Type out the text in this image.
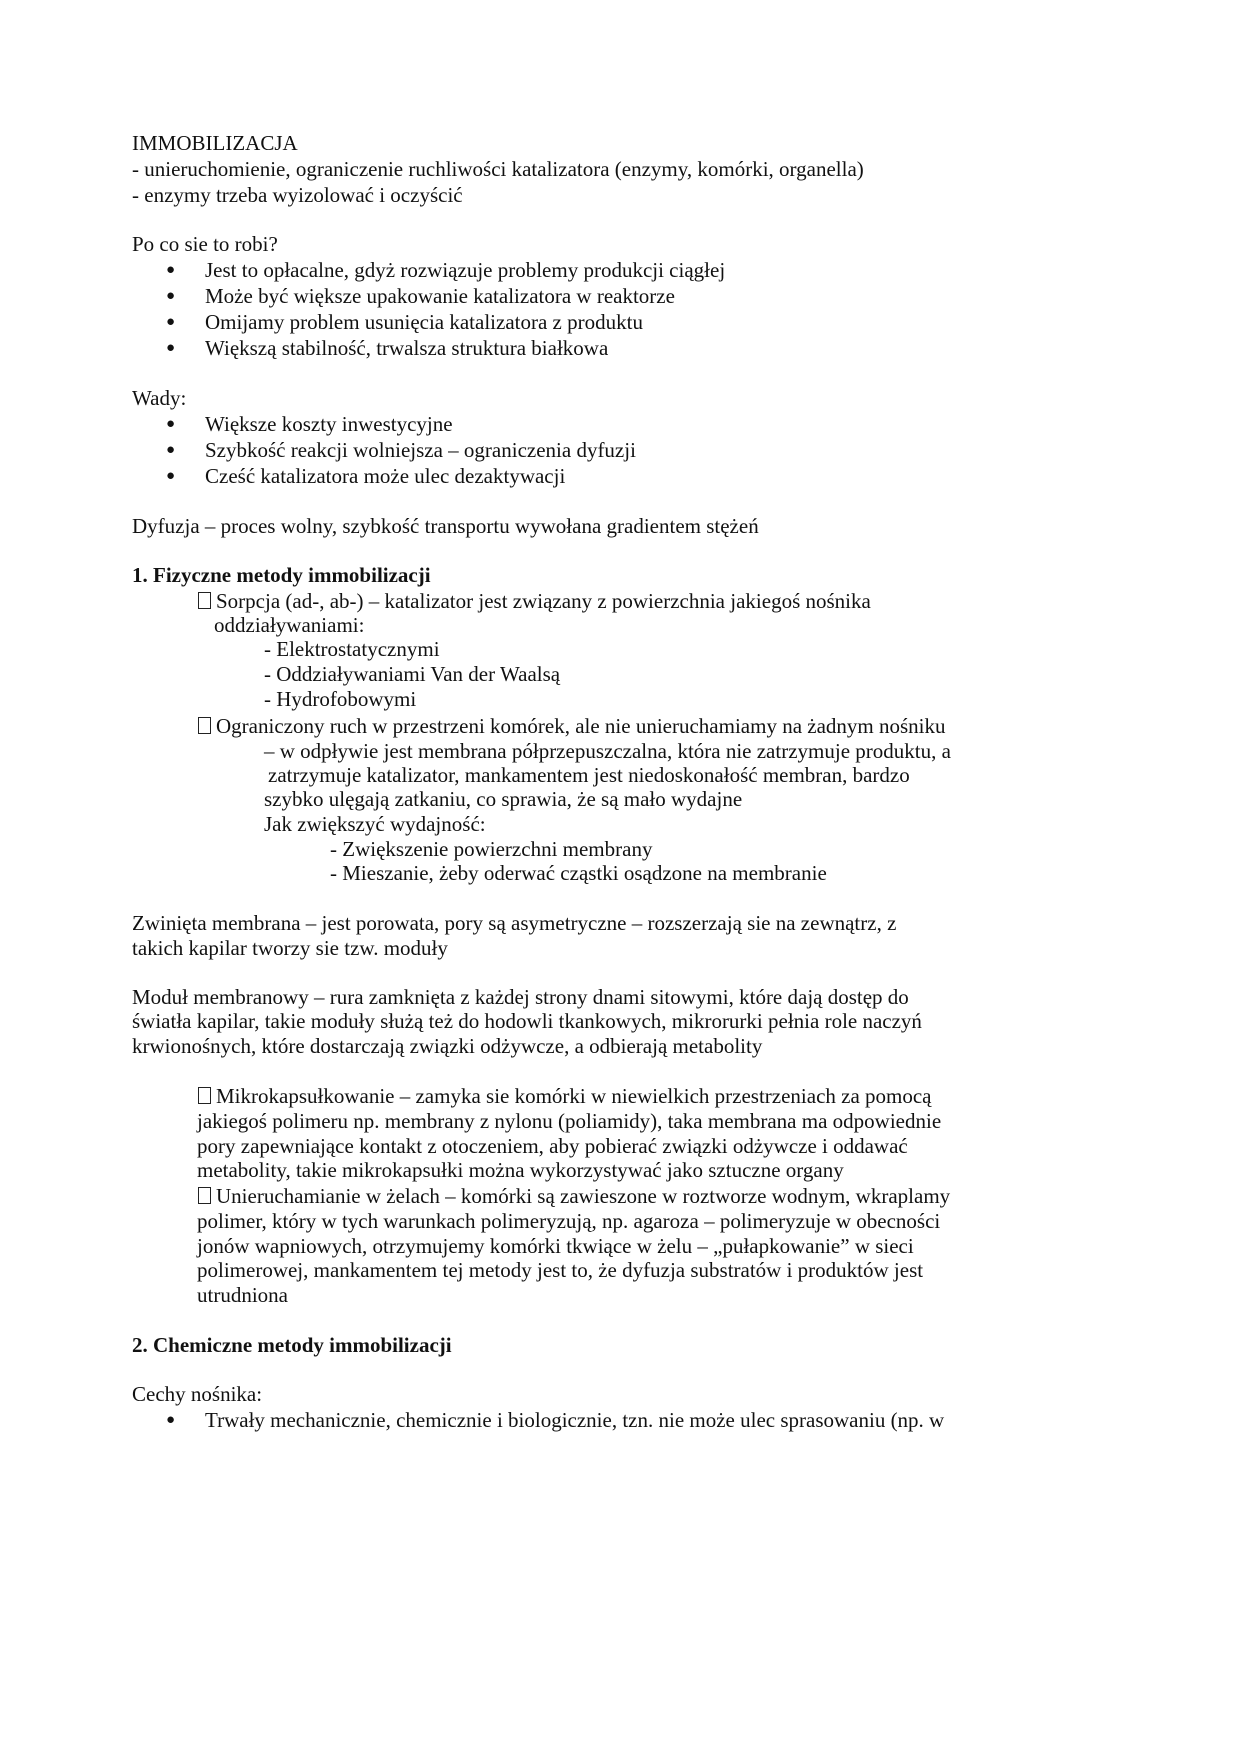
IMMOBILIZACJA
- unieruchomienie, ograniczenie ruchliwości katalizatora (enzymy, komórki, organella)
- enzymy trzeba wyizolować i oczyścić
Po co sie to robi?
● Jest to opłacalne, gdyż rozwiązuje problemy produkcji ciągłej
● Może być większe upakowanie katalizatora w reaktorze
● Omijamy problem usunięcia katalizatora z produktu
● Większą stabilność, trwalsza struktura białkowa
Wady:
● Większe koszty inwestycyjne
● Szybkość reakcji wolniejsza – ograniczenia dyfuzji
● Cześć katalizatora może ulec dezaktywacji
Dyfuzja – proces wolny, szybkość transportu wywołana gradientem stężeń
1. Fizyczne metody immobilizacji
Sorpcja (ad-, ab-) – katalizator jest związany z powierzchnia jakiegoś nośnika
oddziaływaniami:
- Elektrostatycznymi
- Oddziaływaniami Van der Waalsą
- Hydrofobowymi
Ograniczony ruch w przestrzeni komórek, ale nie unieruchamiamy na żadnym nośniku
– w odpływie jest membrana półprzepuszczalna, która nie zatrzymuje produktu, a
zatrzymuje katalizator, mankamentem jest niedoskonałość membran, bardzo
szybko ulęgają zatkaniu, co sprawia, że są mało wydajne
Jak zwiększyć wydajność:
- Zwiększenie powierzchni membrany
- Mieszanie, żeby oderwać cząstki osądzone na membranie
Zwinięta membrana – jest porowata, pory są asymetryczne – rozszerzają sie na zewnątrz, z
takich kapilar tworzy sie tzw. moduły
Moduł membranowy – rura zamknięta z każdej strony dnami sitowymi, które dają dostęp do
światła kapilar, takie moduły służą też do hodowli tkankowych, mikrorurki pełnia role naczyń
krwionośnych, które dostarczają związki odżywcze, a odbierają metabolity
Mikrokapsułkowanie – zamyka sie komórki w niewielkich przestrzeniach za pomocą
jakiegoś polimeru np. membrany z nylonu (poliamidy), taka membrana ma odpowiednie
pory zapewniające kontakt z otoczeniem, aby pobierać związki odżywcze i oddawać
metabolity, takie mikrokapsułki można wykorzystywać jako sztuczne organy
Unieruchamianie w żelach – komórki są zawieszone w roztworze wodnym, wkraplamy
polimer, który w tych warunkach polimeryzują, np. agaroza – polimeryzuje w obecności
jonów wapniowych, otrzymujemy komórki tkwiące w żelu – „pułapkowanie” w sieci
polimerowej, mankamentem tej metody jest to, że dyfuzja substratów i produktów jest
utrudniona
2. Chemiczne metody immobilizacji
Cechy nośnika:
● Trwały mechanicznie, chemicznie i biologicznie, tzn. nie może ulec sprasowaniu (np. w
